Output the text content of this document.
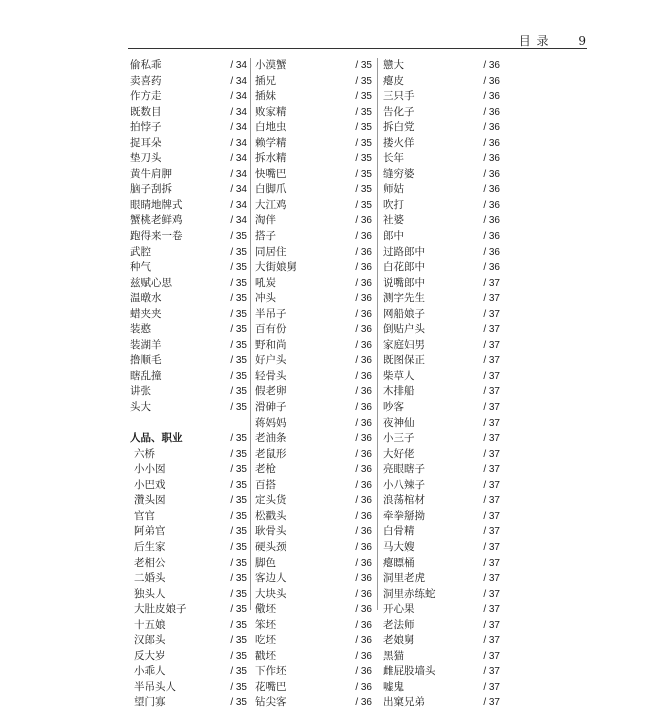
目 录 9
偷私乖	/ 34
卖喜药	/ 34
作方走	/ 34
既数目	/ 34
拍悖子	/ 34
捉耳朵	/ 34
垫刀头	/ 34
黄牛肩胛	/ 34
脑子刮拆	/ 34
眼睛地牌式	/ 34
蟹桃老鲜鸡	/ 34
跑得来一卷	/ 35
武腔	/ 35
种气	/ 35
兹赋心思	/ 35
温暾水	/ 35
蜡夹夹	/ 35
装憨	/ 35
装湖羊	/ 35
撸顺毛	/ 35
瞎乱撞	/ 35
讲张	/ 35
头大	/ 35
人品、职业	/ 35
六桥	/ 35
小小囡	/ 35
小巴戏	/ 35
灒头囡	/ 35
官官	/ 35
阿弟官	/ 35
后生家	/ 35
老相公	/ 35
二婚头	/ 35
独头人	/ 35
大肚皮娘子	/ 35
十五娘	/ 35
汉郎头	/ 35
反大岁	/ 35
小乖人	/ 35
半吊头人	/ 35
望门寡	/ 35
小漠蟹	/ 35
插兄	/ 35
插妹	/ 35
败家精	/ 35
白地虫	/ 35
赖学精	/ 35
拆水精	/ 35
快嘴巴	/ 35
白脚爪	/ 35
大江鸡	/ 35
淘伴	/ 36
搭子	/ 36
同居住	/ 36
大街娘舅	/ 36
吼炭	/ 36
冲头	/ 36
半吊子	/ 36
百有份	/ 36
野和尚	/ 36
好户头	/ 36
轻骨头	/ 36
假老卵	/ 36
滑砷子	/ 36
蒋妈妈	/ 36
老油条	/ 36
老鼠形	/ 36
老枪	/ 36
百搭	/ 36
定头货	/ 36
松戳头	/ 36
耿骨头	/ 36
硬头颈	/ 36
脚色	/ 36
客边人	/ 36
大块头	/ 36
儆坯	/ 36
笨坯	/ 36
吃坯	/ 36
戳坯	/ 36
下作坯	/ 36
花嘴巴	/ 36
钻尖客	/ 36
戆大	/ 36
瘪皮	/ 36
三只手	/ 36
告化子	/ 36
拆白党	/ 36
搂火佯	/ 36
长年	/ 36
缝穷婆	/ 36
师姑	/ 36
吹打	/ 36
社婆	/ 36
郎中	/ 36
过路郎中	/ 36
白花郎中	/ 36
说嘴郎中	/ 37
测字先生	/ 37
网船娘子	/ 37
倒贴户头	/ 37
家庭妇男	/ 37
既图保正	/ 37
柴草人	/ 37
木排船	/ 37
吵客	/ 37
夜神仙	/ 37
小三子	/ 37
大好佬	/ 37
亮眼瞎子	/ 37
小八辣子	/ 37
浪荡棺材	/ 37
牵拳掰拗	/ 37
白骨精	/ 37
马大嫂	/ 37
瘪瞟桶	/ 37
洞里老虎	/ 37
洞里赤练蛇	/ 37
开心果	/ 37
老法师	/ 37
老娘舅	/ 37
黑猫	/ 37
雌屁股墙头	/ 37
嘘鬼	/ 37
出窠兄弟	/ 37
